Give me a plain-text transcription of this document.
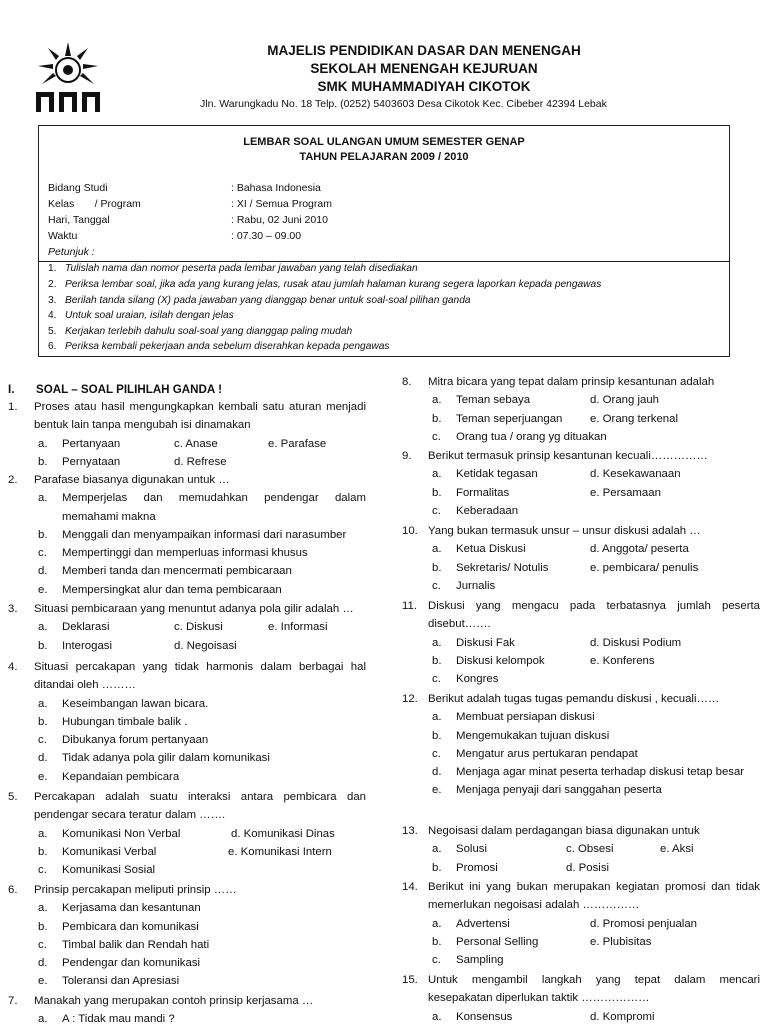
MAJELIS PENDIDIKAN DASAR DAN MENENGAH
SEKOLAH MENENGAH KEJURUAN
SMK MUHAMMADIYAH CIKOTOK
Jln. Warungkadu No. 18 Telp. (0252) 5403603 Desa Cikotok Kec. Cibeber 42394 Lebak
LEMBAR SOAL ULANGAN UMUM SEMESTER GENAP
TAHUN PELAJARAN 2009 / 2010
Bidang Studi	: Bahasa Indonesia
Kelas       / Program	: XI / Semua Program
Hari, Tanggal	: Rabu, 02 Juni 2010
Waktu	: 07.30 – 09.00
Petunjuk :
1. Tulislah nama dan nomor peserta pada lembar jawaban yang telah disediakan
2. Periksa lembar soal, jika ada yang kurang jelas, rusak atau jumlah halaman kurang segera laporkan kepada pengawas
3. Berilah tanda silang (X) pada jawaban yang dianggap benar untuk soal-soal pilihan ganda
4. Untuk soal uraian, isilah dengan jelas
5. Kerjakan terlebih dahulu soal-soal yang dianggap paling mudah
6. Periksa kembali pekerjaan anda sebelum diserahkan kepada pengawas
I. SOAL – SOAL PILIHLAH GANDA !
1. Proses atau hasil mengungkapkan kembali satu aturan menjadi bentuk lain tanpa mengubah isi dinamakan
a. Pertanyaan	c. Anase	e. Parafase
b. Pernyataan	d. Refrese
2. Parafase biasanya digunakan untuk …
a. Memperjelas dan memudahkan pendengar dalam memahami makna
b. Menggali dan menyampaikan informasi dari narasumber
c. Mempertinggi dan memperluas informasi khusus
d. Memberi tanda dan mencermati pembicaraan
e. Mempersingkat alur dan tema pembicaraan
3. Situasi pembicaraan yang menuntut adanya pola gilir adalah …
a. Deklarasi	c. Diskusi	e. Informasi
b. Interogasi	d. Negoisasi
4. Situasi percakapan yang tidak harmonis dalam berbagai hal ditandai oleh ………
a. Keseimbangan lawan bicara.
b. Hubungan timbale balik .
c. Dibukanya forum pertanyaan
d. Tidak adanya pola gilir dalam komunikasi
e. Kepandaian pembicara
5. Percakapan adalah suatu interaksi antara pembicara dan pendengar secara teratur dalam …….
a. Komunikasi Non Verbal	d. Komunikasi Dinas
b. Komunikasi Verbal	e. Komunikasi Intern
c. Komunikasi Sosial
6. Prinsip percakapan meliputi prinsip ……
a. Kerjasama dan kesantunan
b. Pembicara dan komunikasi
c. Timbal balik dan Rendah hati
d. Pendengar dan komunikasi
e. Toleransi dan Apresiasi
7. Manakah yang merupakan contoh prinsip kerjasama …
a. A : Tidak mau mandi ?
8. Mitra bicara yang tepat dalam prinsip kesantunan adalah
a. Teman sebaya	d. Orang jauh
b. Teman seperjuangan	e. Orang terkenal
c. Orang tua / orang yg dituakan
9. Berikut termasuk prinsip kesantunan kecuali……………
a. Ketidak tegasan	d. Kesekawanaan
b. Formalitas	e. Persamaan
c. Keberadaan
10. Yang bukan termasuk unsur – unsur diskusi adalah …
a. Ketua Diskusi	d. Anggota/ peserta
b. Sekretaris/ Notulis	e. pembicara/ penulis
c. Jurnalis
11. Diskusi yang mengacu pada terbatasnya jumlah peserta disebut…….
a. Diskusi Fak	d. Diskusi Podium
b. Diskusi kelompok	e. Konferens
c. Kongres
12. Berikut adalah tugas tugas pemandu diskusi , kecuali……
a. Membuat persiapan diskusi
b. Mengemukakan tujuan diskusi
c. Mengatur arus pertukaran pendapat
d. Menjaga agar minat peserta terhadap diskusi tetap besar
e. Menjaga penyaji dari sanggahan peserta
13. Negoisasi dalam perdagangan biasa digunakan untuk
a. Solusi	c. Obsesi	e. Aksi
b. Promosi	d. Posisi
14. Berikut ini yang bukan merupakan kegiatan promosi dan tidak memerlukan negoisasi adalah ……………
a. Advertensi	d. Promosi penjualan
b. Personal Selling	e. Plubisitas
c. Sampling
15. Untuk mengambil langkah yang tepat dalam mencari kesepakatan diperlukan taktik ………………
a. Konsensus	d. Kompromi
